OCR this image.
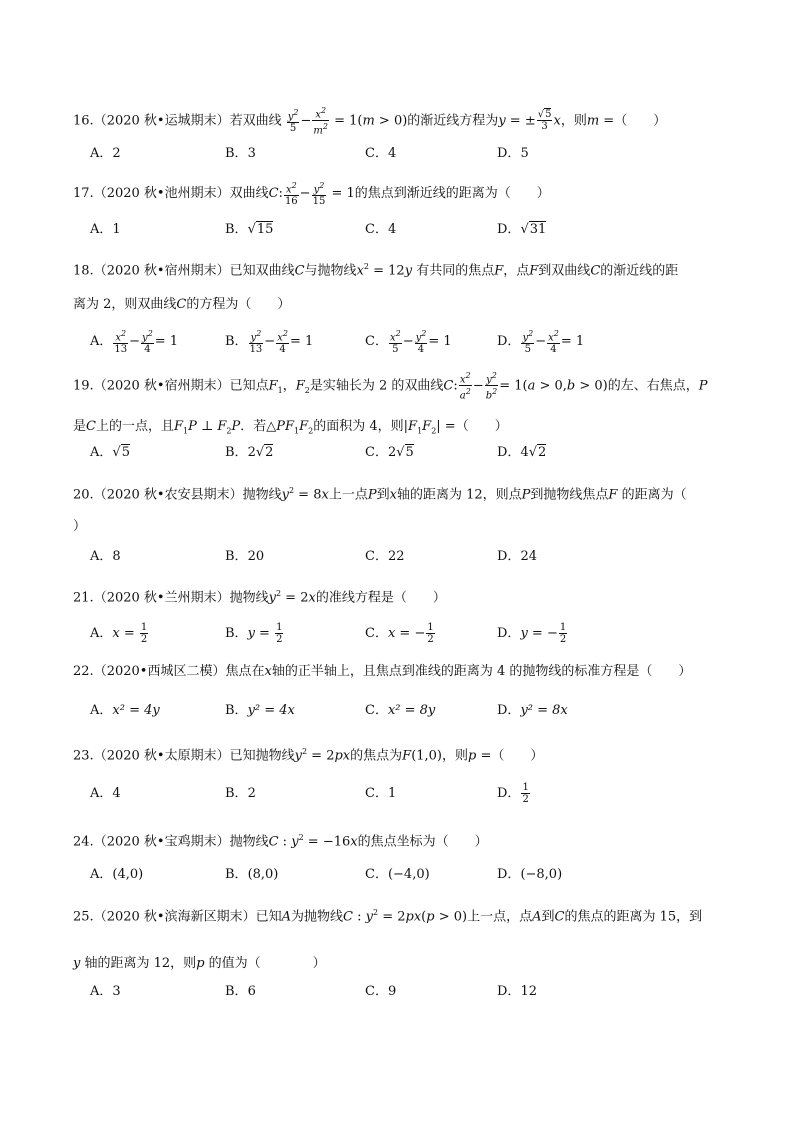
16.（2020 秋•运城期末）若双曲线 $\frac{y^2}{5} - \frac{x^2}{m^2} = 1(m > 0)$的渐近线方程为y = ± $\frac{√5}{3}$ x，则m =（　　）
A．2	B．3	C．4	D．5
17.（2020 秋•池州期末）双曲线C: $\frac{x^2}{16} - \frac{y^2}{15} = 1$的焦点到渐近线的距离为（　　）
A．1	B．√15	C．4	D．√31
18.（2020 秋•宿州期末）已知双曲线C与抛物线$x^2 = 12y$ 有共同的焦点F，点F到双曲线C的渐近线的距
离为 2，则双曲线C的方程为（　　）
A． $\frac{x^2}{13} - \frac{y^2}{4} = 1$	B． $\frac{y^2}{13} - \frac{x^2}{4} = 1$	C． $\frac{x^2}{5} - \frac{y^2}{4} = 1$	D． $\frac{y^2}{5} - \frac{x^2}{4} = 1$
19.（2020 秋•宿州期末）已知点$F_1$，$F_2$是实轴长为 2 的双曲线C: $\frac{x^2}{a^2} - \frac{y^2}{b^2} = 1(a > 0,b > 0)$的左、右焦点，P
是C上的一点，且$F_1P$ ⊥ $F_2P$．若$\triangle PF_1F_2$的面积为 4，则$|F_1F_2|$ =（　　）
A．√5	B．2√2	C．2√5	D．4√2
20.（2020 秋•农安县期末）抛物线$y^2 = 8x$上一点P到x轴的距离为 12，则点P到抛物线焦点F 的距离为（
）
A．8	B．20	C．22	D．24
21.（2020 秋•兰州期末）抛物线$y^2 = 2x$的准线方程是（　　）
A．$x = \frac{1}{2}$	B．$y = \frac{1}{2}$	C．x = − $\frac{1}{2}$	D．y = − $\frac{1}{2}$
22.（2020•西城区二模）焦点在x轴的正半轴上，且焦点到准线的距离为 4 的抛物线的标准方程是（　　）
A．x² = 4y	B．y² = 4x	C．x² = 8y	D．y² = 8x
23.（2020 秋•太原期末）已知抛物线$y^2 = 2px$的焦点为F(1,0)，则p =（　　）
A．4	B．2	C．1	D． $\frac{1}{2}$
24.（2020 秋•宝鸡期末）抛物线C : $y^2 = -16x$的焦点坐标为（　　）
A．(4,0)	B．(8,0)	C．(−4,0)	D．(−8,0)
25.（2020 秋•滨海新区期末）已知A为抛物线C : $y^2 = 2px(p > 0)$上一点，点A到C的焦点的距离为 15，到
y 轴的距离为 12，则p 的值为（　　　　）
A．3	B．6	C．9	D．12
